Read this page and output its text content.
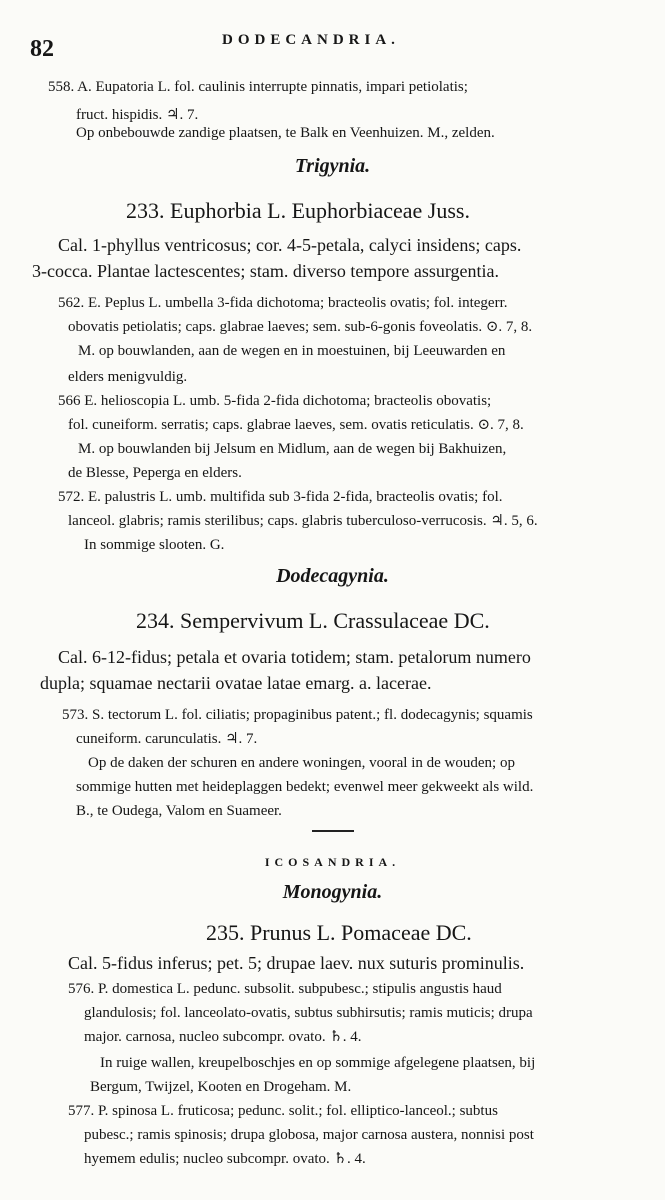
82	DODECANDRIA.
558. A. Eupatoria L. fol. caulinis interrupte pinnatis, impari petiolatis;
fruct. hispidis. ♃. 7.
Op onbebouwde zandige plaatsen, te Balk en Veenhuizen. M., zelden.
Trigynia.
233. Euphorbia L. Euphorbiaceae Juss.
Cal. 1-phyllus ventricosus; cor. 4-5-petala, calyci insidens; caps.
3-cocca. Plantae lactescentes; stam. diverso tempore assurgentia.
562. E. Peplus L. umbella 3-fida dichotoma; bracteolis ovatis; fol. integerr.
obovatis petiolatis; caps. glabrae laeves; sem. sub-6-gonis foveolatis. ⊙. 7, 8.
M. op bouwlanden, aan de wegen en in moestuinen, bij Leeuwarden en
elders menigvuldig.
566 E. helioscopia L. umb. 5-fida 2-fida dichotoma; bracteolis obovatis;
fol. cuneiform. serratis; caps. glabrae laeves, sem. ovatis reticulatis. ⊙. 7, 8.
M. op bouwlanden bij Jelsum en Midlum, aan de wegen bij Bakhuizen,
de Blesse, Peperga en elders.
572. E. palustris L. umb. multifida sub 3-fida 2-fida, bracteolis ovatis; fol.
lanceol. glabris; ramis sterilibus; caps. glabris tuberculoso-verrucosis. ♃. 5, 6.
In sommige slooten. G.
Dodecagynia.
234. Sempervivum L. Crassulaceae DC.
Cal. 6-12-fidus; petala et ovaria totidem; stam. petalorum numero
dupla; squamae nectarii ovatae latae emarg. a. lacerae.
573. S. tectorum L. fol. ciliatis; propaginibus patent.; fl. dodecagynis; squamis
cuneiform. carunculatis. ♃. 7.
Op de daken der schuren en andere woningen, vooral in de wouden; op
sommige hutten met heideplaggen bedekt; evenwel meer gekweekt als wild.
B., te Oudega, Valom en Suameer.
ICOSANDRIA.
Monogynia.
235. Prunus L. Pomaceae DC.
Cal. 5-fidus inferus; pet. 5; drupae laev. nux suturis prominulis.
576. P. domestica L. pedunc. subsolit. subpubesc.; stipulis angustis haud
glandulosis; fol. lanceolato-ovatis, subtus subhirsutis; ramis muticis; drupa
major. carnosa, nucleo subcompr. ovato. ♄. 4.
In ruige wallen, kreupelboschjes en op sommige afgelegene plaatsen, bij
Bergum, Twijzel, Kooten en Drogeham. M.
577. P. spinosa L. fruticosa; pedunc. solit.; fol. elliptico-lanceol.; subtus
pubesc.; ramis spinosis; drupa globosa, major carnosa austera, nonnisi post
hyemem edulis; nucleo subcompr. ovato. ♄. 4.
